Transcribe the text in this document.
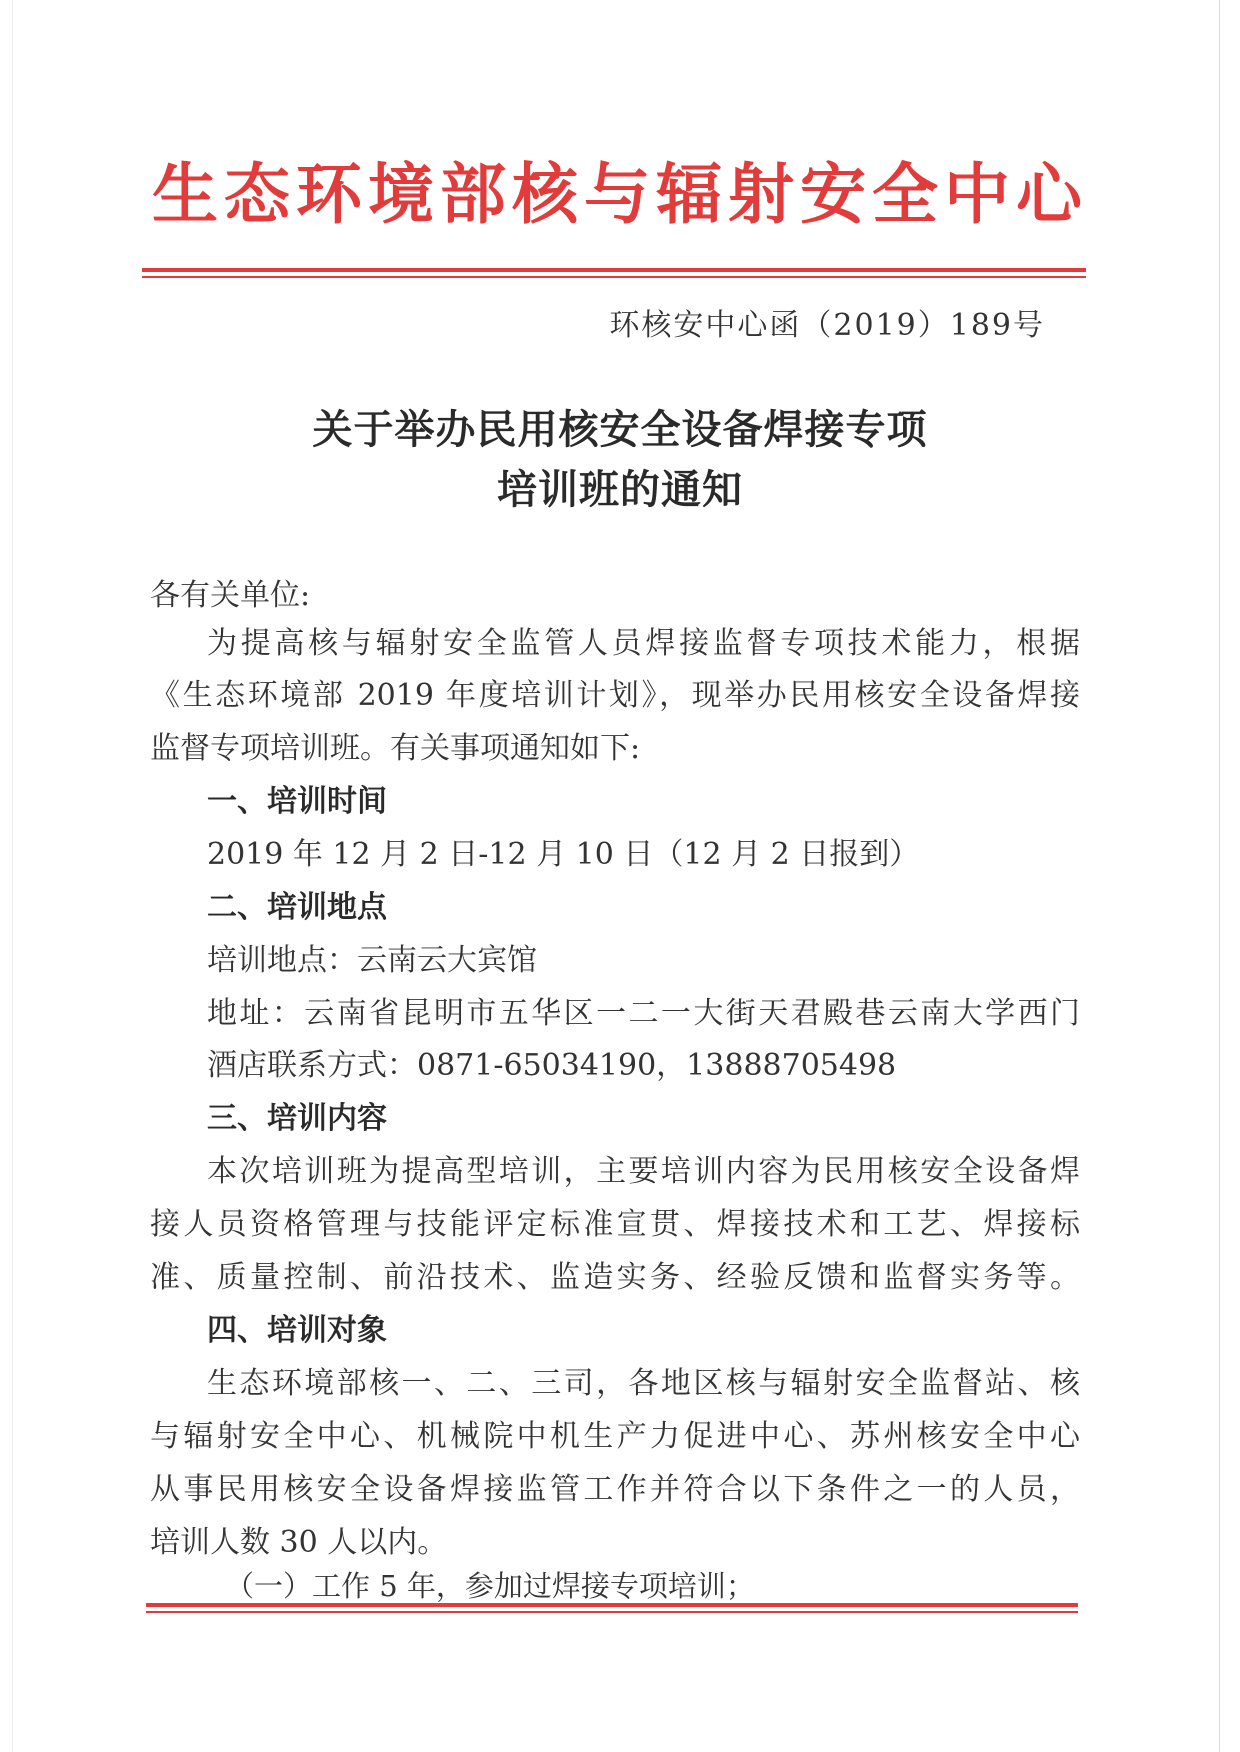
生态环境部核与辐射安全中心
环核安中心函（2019）189号
关于举办民用核安全设备焊接专项
培训班的通知
各有关单位:
为提高核与辐射安全监管人员焊接监督专项技术能力，根据
《生态环境部 2019 年度培训计划》，现举办民用核安全设备焊接
监督专项培训班。有关事项通知如下:
一、培训时间
2019 年 12 月 2 日-12 月 10 日（12 月 2 日报到）
二、培训地点
培训地点：云南云大宾馆
地址：云南省昆明市五华区一二一大街天君殿巷云南大学西门
酒店联系方式：0871-65034190，13888705498
三、培训内容
本次培训班为提高型培训，主要培训内容为民用核安全设备焊
接人员资格管理与技能评定标准宣贯、焊接技术和工艺、焊接标
准、质量控制、前沿技术、监造实务、经验反馈和监督实务等。
四、培训对象
生态环境部核一、二、三司，各地区核与辐射安全监督站、核
与辐射安全中心、机械院中机生产力促进中心、苏州核安全中心
从事民用核安全设备焊接监管工作并符合以下条件之一的人员，
培训人数 30 人以内。
（一）工作 5 年，参加过焊接专项培训；
